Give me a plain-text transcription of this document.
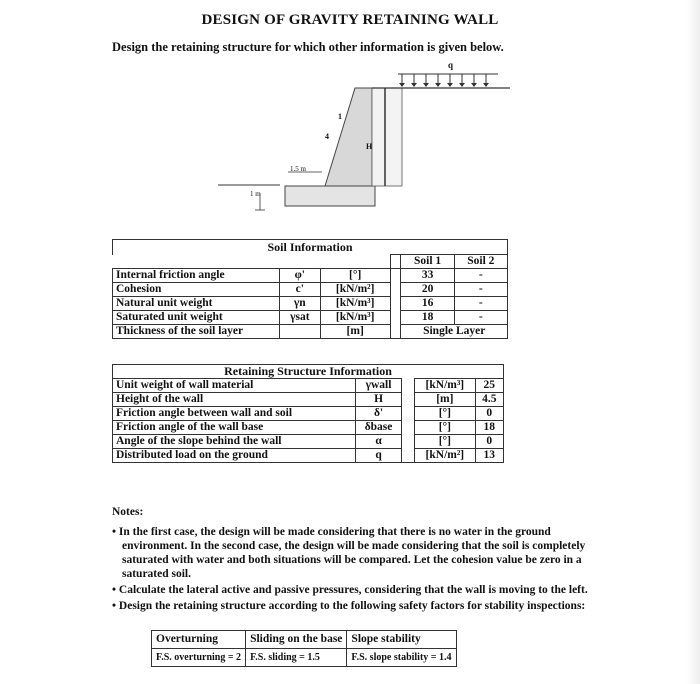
DESIGN OF GRAVITY RETAINING WALL
Design the retaining structure for which other information is given below.
q
1
4
H
1.5 m
1 m
Soil Information					
				Soil 1	Soil 2
Internal friction angle	φ'	[°]		33	-
Cohesion	c'	[kN/m²]		20	-
Natural unit weight	γn	[kN/m³]		16	-
Saturated unit weight	γsat	[kN/m³]		18	-
Thickness of the soil layer		[m]		Single Layer	
Retaining Structure Information				
Unit weight of wall material	γwall		[kN/m³]	25
Height of the wall	H		[m]	4.5
Friction angle between wall and soil	δ'		[°]	0
Friction angle of the wall base	δbase		[°]	18
Angle of the slope behind the wall	α		[°]	0
Distributed load on the ground	q		[kN/m²]	13

Notes:

• In the first case, the design will be made considering that there is no water in the ground environment. In the second case, the design will be made considering that the soil is completely saturated with water and both situations will be compared. Let the cohesion value be zero in a saturated soil.

• Calculate the lateral active and passive pressures, considering that the wall is moving to the left.

• Design the retaining structure according to the following safety factors for stability inspections:

Overturning	Sliding on the base	Slope stability
F.S. overturning = 2	F.S. sliding = 1.5	F.S. slope stability = 1.4
